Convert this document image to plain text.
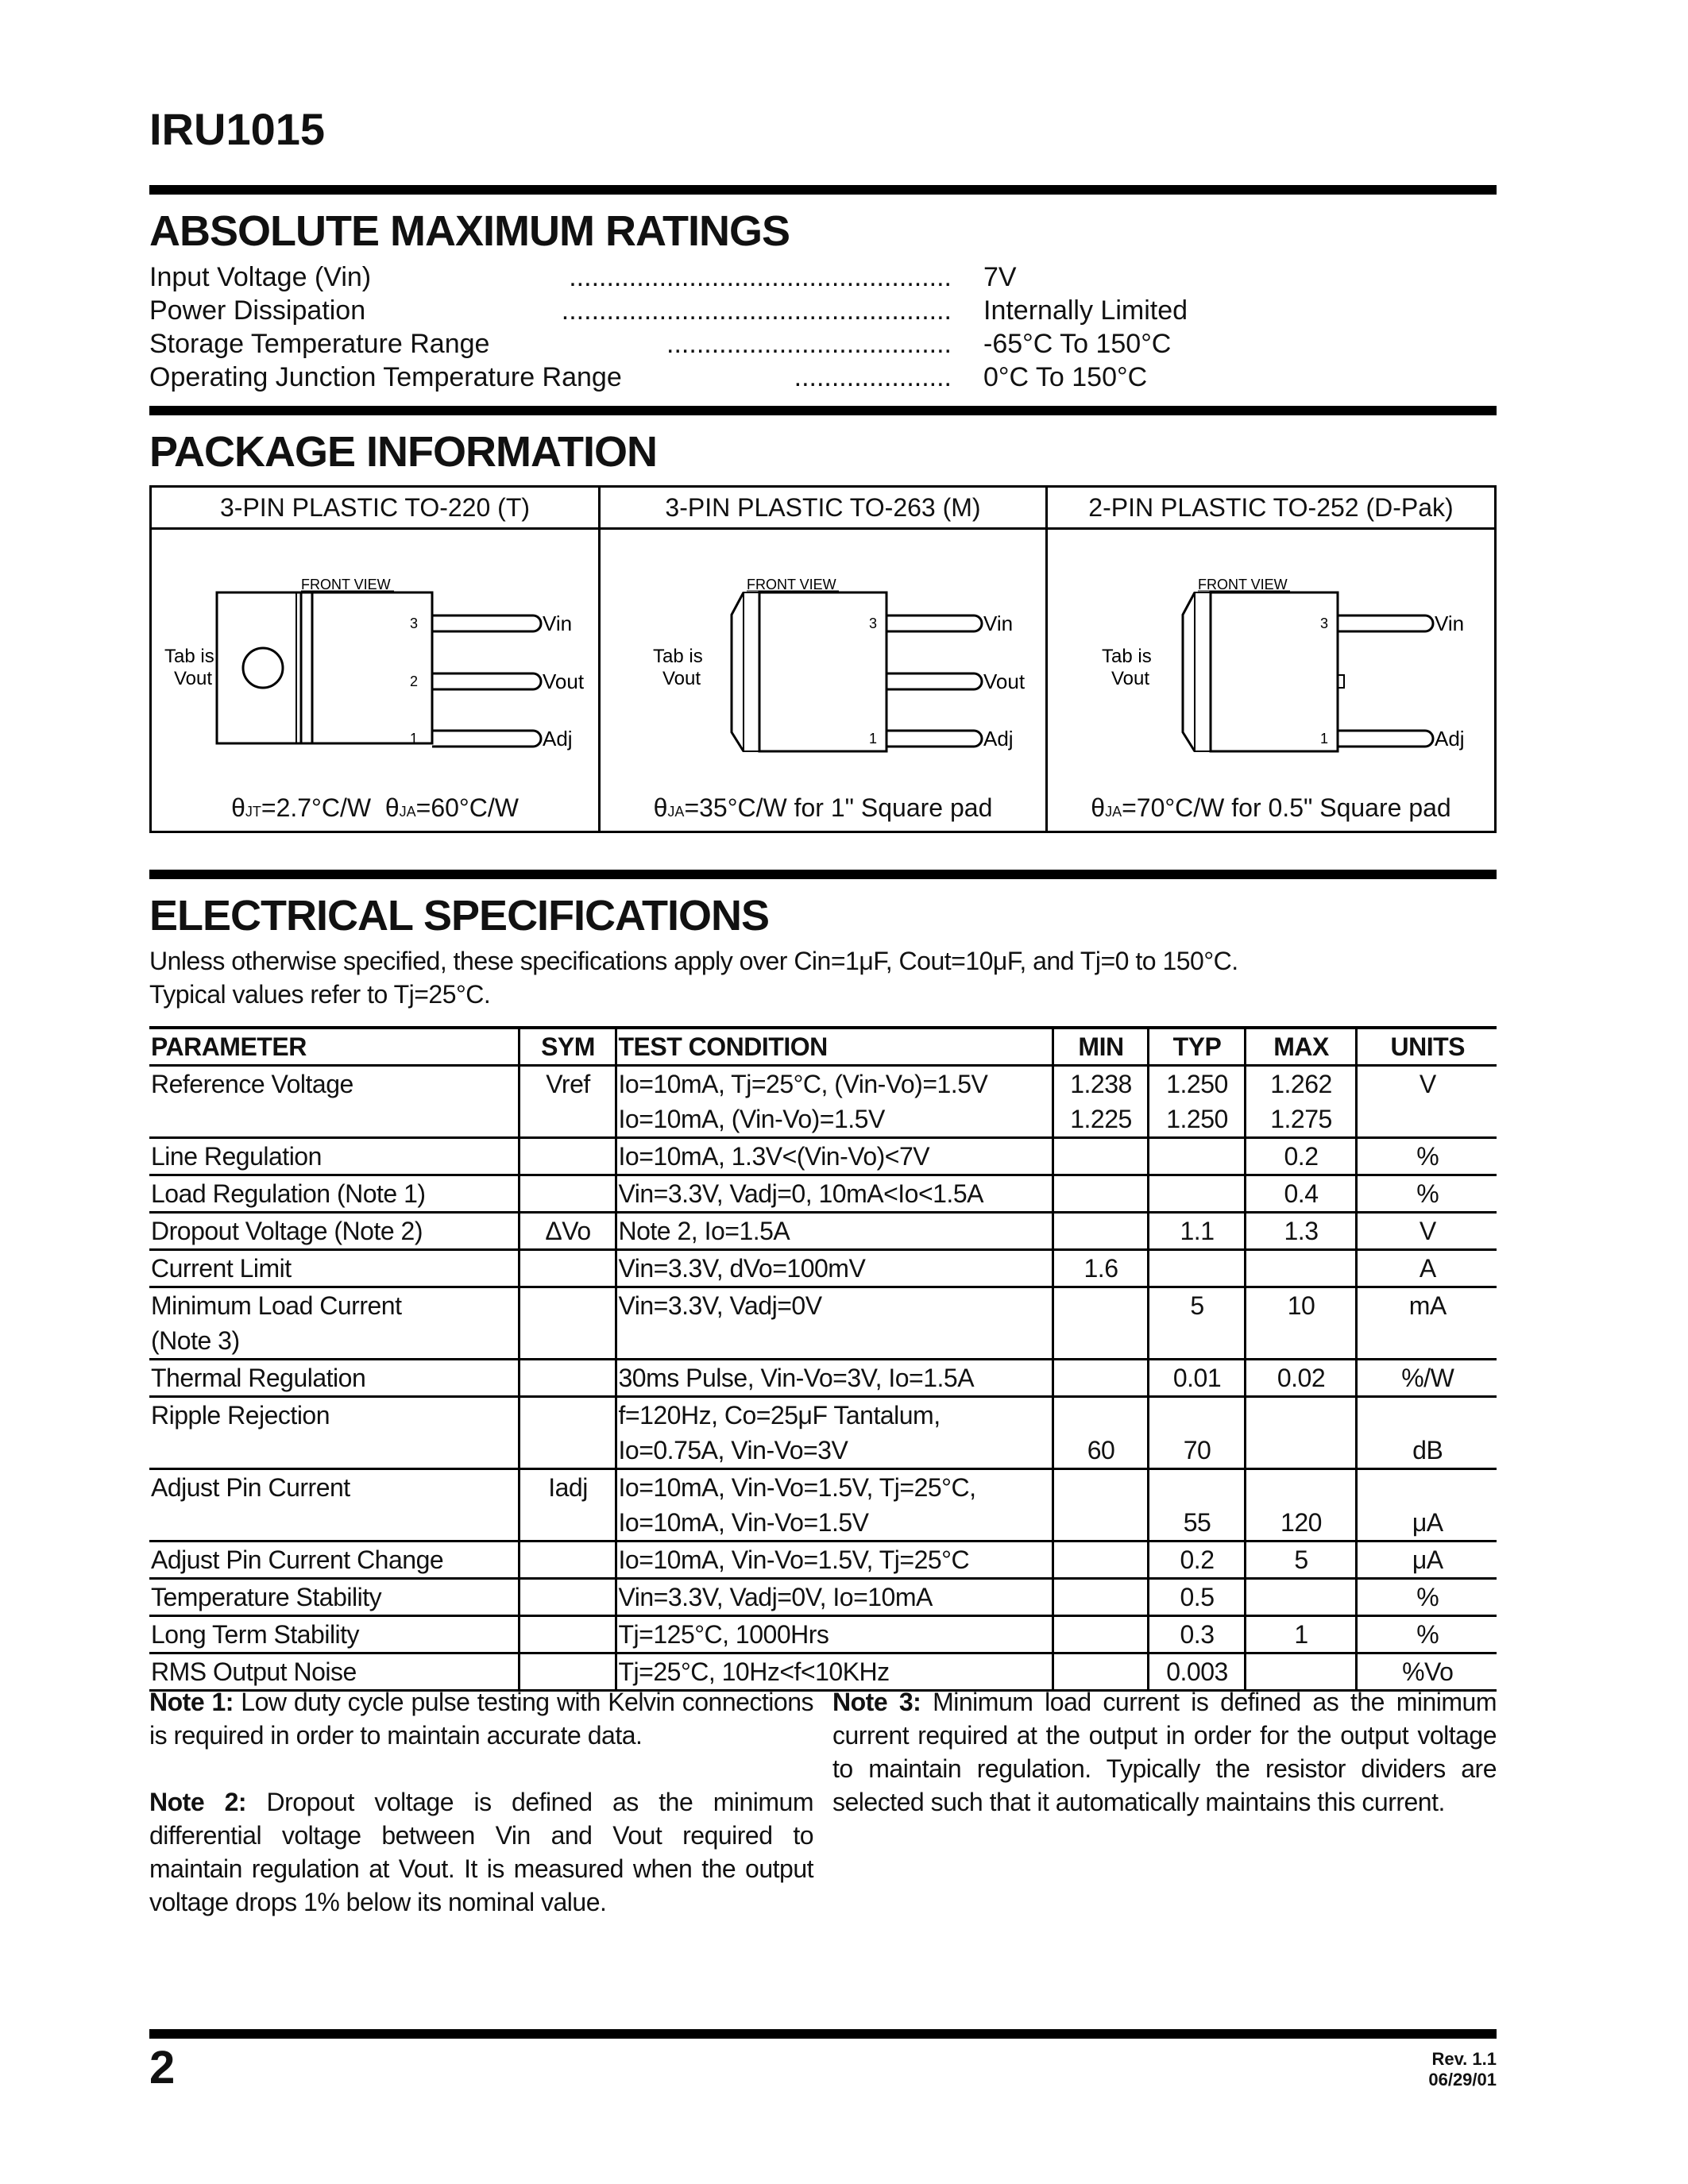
IRU1015
ABSOLUTE MAXIMUM RATINGS
Input Voltage (Vin)	................................................... 7V
Power Dissipation	.................................................... Internally Limited
Storage Temperature Range	...................................... -65°C To 150°C
Operating Junction Temperature Range	..................... 0°C To 150°C
PACKAGE INFORMATION
3-PIN PLASTIC TO-220 (T)
FRONT VIEW
Tab is
Vout
3
2
1
Vin
Vout
Adj
θJT=2.7°C/W θJA=60°C/W
3-PIN PLASTIC TO-263 (M)
FRONT VIEW
Tab is
Vout
3
1
Vin
Vout
Adj
θJA=35°C/W for 1" Square pad
2-PIN PLASTIC TO-252 (D-Pak)
FRONT VIEW
Tab is
Vout
3
1
Vin
Adj
θJA=70°C/W for 0.5" Square pad
ELECTRICAL SPECIFICATIONS
Unless otherwise specified, these specifications apply over Cin=1μF, Cout=10μF, and Tj=0 to 150°C.
Typical values refer to Tj=25°C.
PARAMETER	SYM	TEST CONDITION	MIN	TYP	MAX	UNITS
Reference Voltage	Vref	Io=10mA, Tj=25°C, (Vin-Vo)=1.5V	1.238	1.250	1.262	V
		Io=10mA, (Vin-Vo)=1.5V	1.225	1.250	1.275	
Line Regulation		Io=10mA, 1.3V<(Vin-Vo)<7V			0.2	%
Load Regulation (Note 1)		Vin=3.3V, Vadj=0, 10mA<Io<1.5A			0.4	%
Dropout Voltage (Note 2)	ΔVo	Note 2, Io=1.5A		1.1	1.3	V
Current Limit		Vin=3.3V, dVo=100mV	1.6			A
Minimum Load Current		Vin=3.3V, Vadj=0V		5	10	mA
(Note 3)						
Thermal Regulation		30ms Pulse, Vin-Vo=3V, Io=1.5A		0.01	0.02	%/W
Ripple Rejection		f=120Hz, Co=25μF Tantalum,				
		Io=0.75A, Vin-Vo=3V	60	70		dB
Adjust Pin Current	Iadj	Io=10mA, Vin-Vo=1.5V, Tj=25°C,				
		Io=10mA, Vin-Vo=1.5V		55	120	μA
Adjust Pin Current Change		Io=10mA, Vin-Vo=1.5V, Tj=25°C		0.2	5	μA
Temperature Stability		Vin=3.3V, Vadj=0V, Io=10mA		0.5		%
Long Term Stability		Tj=125°C, 1000Hrs		0.3	1	%
RMS Output Noise		Tj=25°C, 10Hz<f<10KHz		0.003		%Vo
Note 1: Low duty cycle pulse testing with Kelvin connections is required in order to maintain accurate data.
Note 2: Dropout voltage is defined as the minimum differential voltage between Vin and Vout required to maintain regulation at Vout. It is measured when the output voltage drops 1% below its nominal value.
Note 3: Minimum load current is defined as the minimum current required at the output in order for the output voltage to maintain regulation. Typically the resistor dividers are selected such that it automatically maintains this current.
2	Rev. 1.1
06/29/01
